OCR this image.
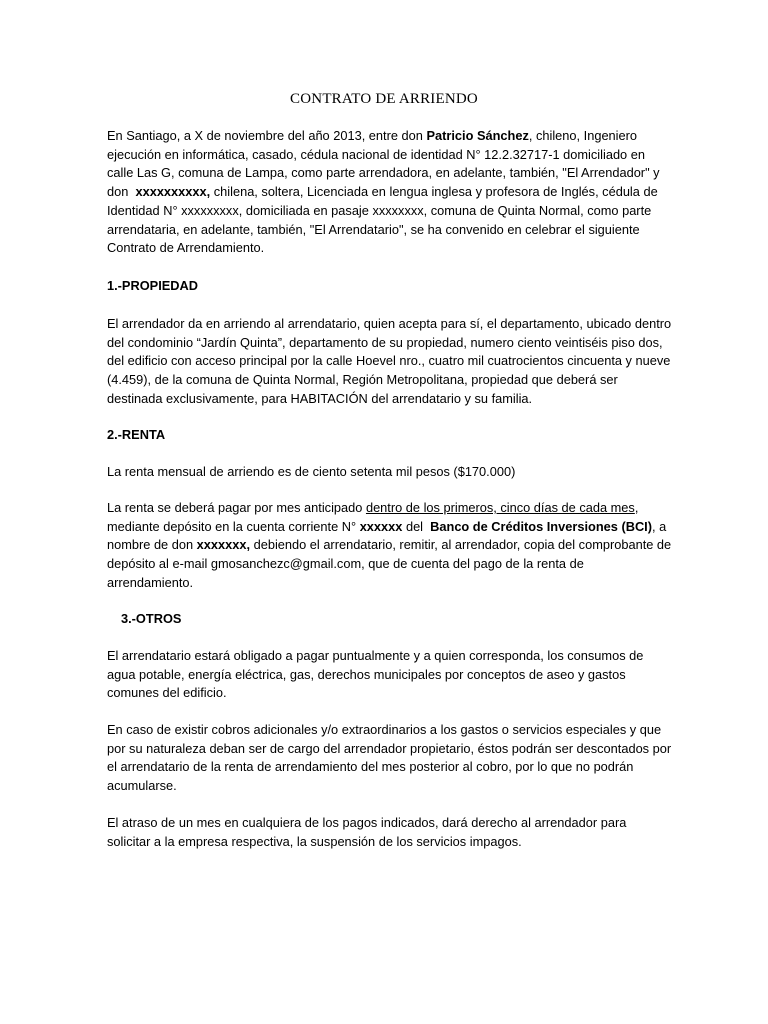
CONTRATO DE ARRIENDO

En Santiago, a X de noviembre del año 2013, entre don Patricio Sánchez, chileno, Ingeniero
ejecución en informática, casado, cédula nacional de identidad N° 12.2.32717-1 domiciliado en
calle Las G, comuna de Lampa, como parte arrendadora, en adelante, también, "El Arrendador" y
don  xxxxxxxxxx, chilena, soltera, Licenciada en lengua inglesa y profesora de Inglés, cédula de
Identidad N° xxxxxxxxx, domiciliada en pasaje xxxxxxxx, comuna de Quinta Normal, como parte
arrendataria, en adelante, también, "El Arrendatario", se ha convenido en celebrar el siguiente
Contrato de Arrendamiento.

1.-PROPIEDAD

El arrendador da en arriendo al arrendatario, quien acepta para sí, el departamento, ubicado dentro
del condominio “Jardín Quinta”, departamento de su propiedad, numero ciento veintiséis piso dos,
del edificio con acceso principal por la calle Hoevel nro., cuatro mil cuatrocientos cincuenta y nueve
(4.459), de la comuna de Quinta Normal, Región Metropolitana, propiedad que deberá ser
destinada exclusivamente, para HABITACIÓN del arrendatario y su familia.

2.-RENTA

La renta mensual de arriendo es de ciento setenta mil pesos ($170.000)

La renta se deberá pagar por mes anticipado dentro de los primeros, cinco días de cada mes,
mediante depósito en la cuenta corriente N° xxxxxx del  Banco de Créditos Inversiones (BCI), a
nombre de don xxxxxxx, debiendo el arrendatario, remitir, al arrendador, copia del comprobante de
depósito al e-mail gmosanchezc@gmail.com, que de cuenta del pago de la renta de
arrendamiento.

3.-OTROS

El arrendatario estará obligado a pagar puntualmente y a quien corresponda, los consumos de
agua potable, energía eléctrica, gas, derechos municipales por conceptos de aseo y gastos
comunes del edificio.

En caso de existir cobros adicionales y/o extraordinarios a los gastos o servicios especiales y que
por su naturaleza deban ser de cargo del arrendador propietario, éstos podrán ser descontados por
el arrendatario de la renta de arrendamiento del mes posterior al cobro, por lo que no podrán
acumularse.

El atraso de un mes en cualquiera de los pagos indicados, dará derecho al arrendador para
solicitar a la empresa respectiva, la suspensión de los servicios impagos.
